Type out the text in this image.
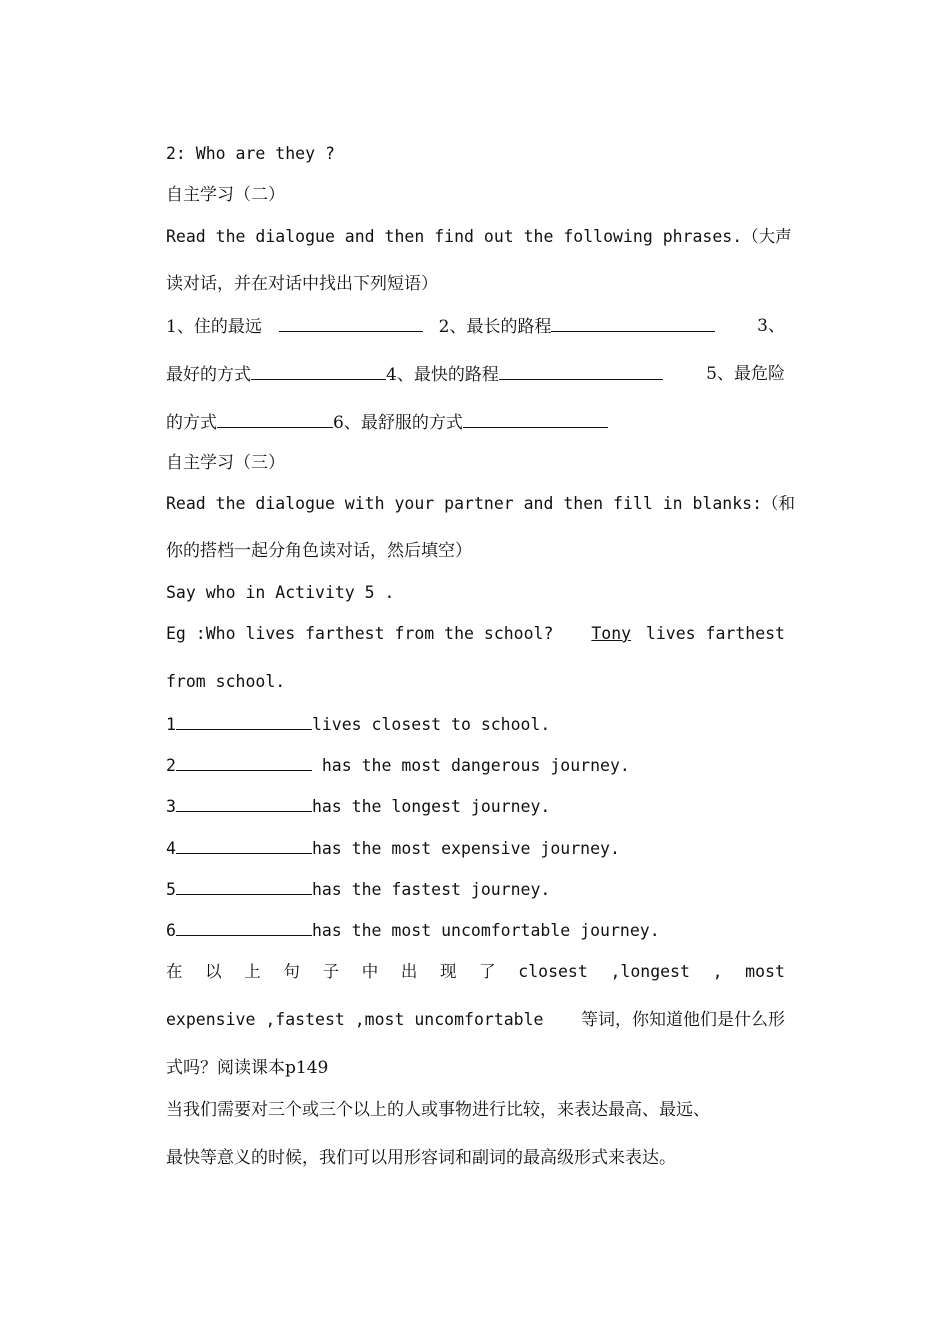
2: Who are they ?
自主学习（二）
Read the dialogue and then find out the following phrases.（大声
读对话，并在对话中找出下列短语）
1、住的最远	2、最长的路程	3、
最好的方式	4、最快的路程	5、最危险
的方式	6、最舒服的方式
自主学习（三）
Read the dialogue with your partner and then fill in blanks:（和
你的搭档一起分角色读对话，然后填空）
Say who in Activity 5 .
Eg :Who lives farthest from the school? Tony lives farthest
from school.
1	lives closest to school.
2	has the most dangerous journey.
3	has the longest journey.
4	has the most expensive journey.
5	has the fastest journey.
6	has the most uncomfortable journey.
在 以 上 句 子 中 出 现 了 closest ,longest , most
expensive ,fastest ,most uncomfortable 等词，你知道他们是什么形
式吗？阅读课本p149
当我们需要对三个或三个以上的人或事物进行比较，来表达最高、最远、
最快等意义的时候，我们可以用形容词和副词的最高级形式来表达。
